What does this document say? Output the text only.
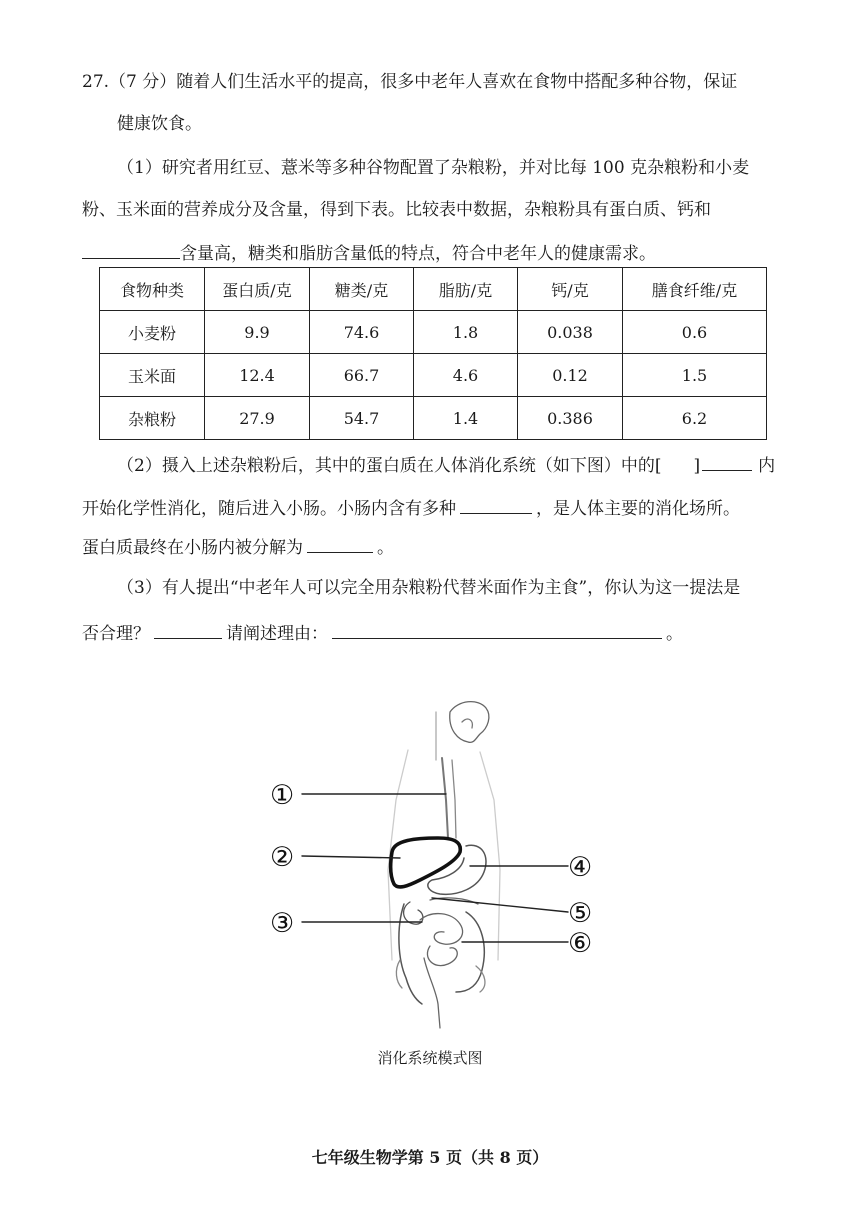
27.（7 分）随着人们生活水平的提高，很多中老年人喜欢在食物中搭配多种谷物，保证
健康饮食。
（1）研究者用红豆、薏米等多种谷物配置了杂粮粉，并对比每 100 克杂粮粉和小麦
粉、玉米面的营养成分及含量，得到下表。比较表中数据，杂粮粉具有蛋白质、钙和
含量高，糖类和脂肪含量低的特点，符合中老年人的健康需求。
食物种类	蛋白质/克	糖类/克	脂肪/克	钙/克	膳食纤维/克
小麦粉	9.9	74.6	1.8	0.038	0.6
玉米面	12.4	66.7	4.6	0.12	1.5
杂粮粉	27.9	54.7	1.4	0.386	6.2
（2）摄入上述杂粮粉后，其中的蛋白质在人体消化系统（如下图）中的[ ]	内
开始化学性消化，随后进入小肠。小肠内含有多种	，是人体主要的消化场所。
蛋白质最终在小肠内被分解为	。
（3）有人提出“中老年人可以完全用杂粮粉代替米面作为主食”，你认为这一提法是
否合理？	请阐述理由：	。
①
②
③
④
⑤
⑥
消化系统模式图
七年级生物学第 5 页（共 8 页）
